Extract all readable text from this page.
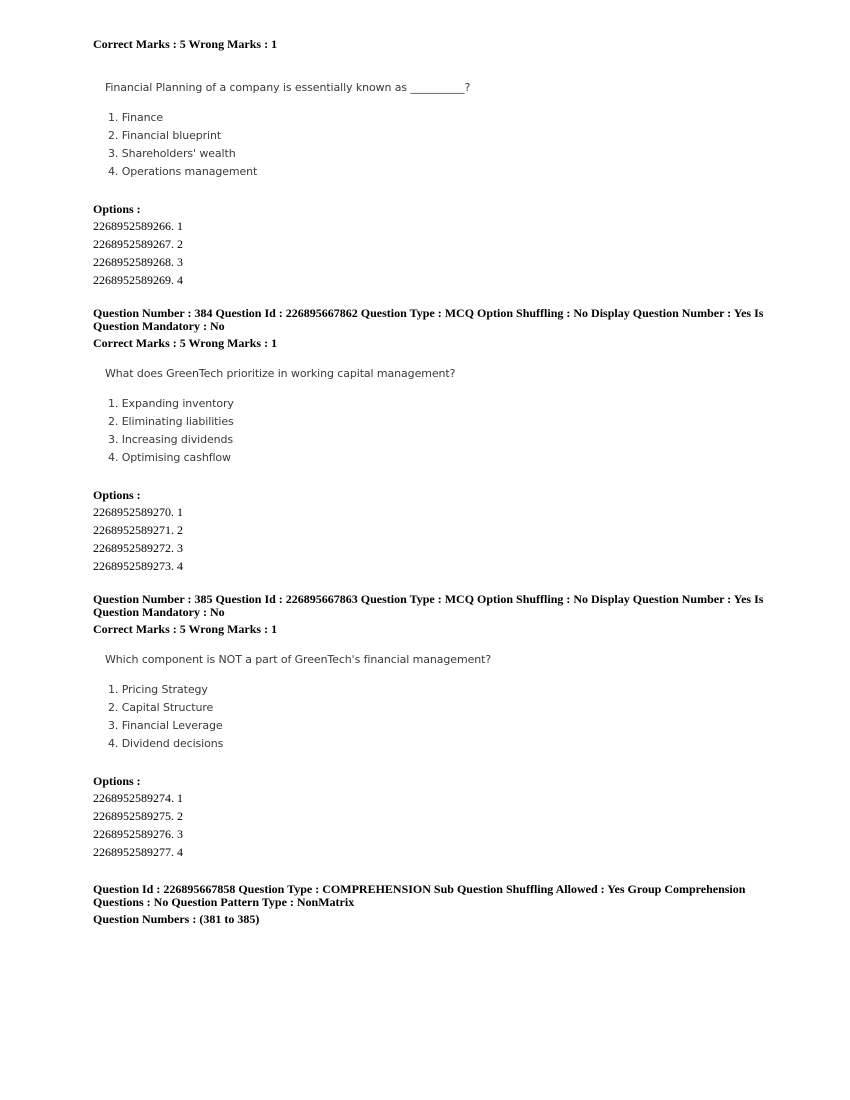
Correct Marks : 5 Wrong Marks : 1
Financial Planning of a company is essentially known as __________?
1. Finance
2. Financial blueprint
3. Shareholders' wealth
4. Operations management
Options :
2268952589266. 1
2268952589267. 2
2268952589268. 3
2268952589269. 4
Question Number : 384 Question Id : 226895667862 Question Type : MCQ Option Shuffling : No Display Question Number : Yes Is Question Mandatory : No
Correct Marks : 5 Wrong Marks : 1
What does GreenTech prioritize in working capital management?
1. Expanding inventory
2. Eliminating liabilities
3. Increasing dividends
4. Optimising cashflow
Options :
2268952589270. 1
2268952589271. 2
2268952589272. 3
2268952589273. 4
Question Number : 385 Question Id : 226895667863 Question Type : MCQ Option Shuffling : No Display Question Number : Yes Is Question Mandatory : No
Correct Marks : 5 Wrong Marks : 1
Which component is NOT a part of GreenTech's financial management?
1. Pricing Strategy
2. Capital Structure
3. Financial Leverage
4. Dividend decisions
Options :
2268952589274. 1
2268952589275. 2
2268952589276. 3
2268952589277. 4
Question Id : 226895667858 Question Type : COMPREHENSION Sub Question Shuffling Allowed : Yes Group Comprehension Questions : No Question Pattern Type : NonMatrix
Question Numbers : (381 to 385)
